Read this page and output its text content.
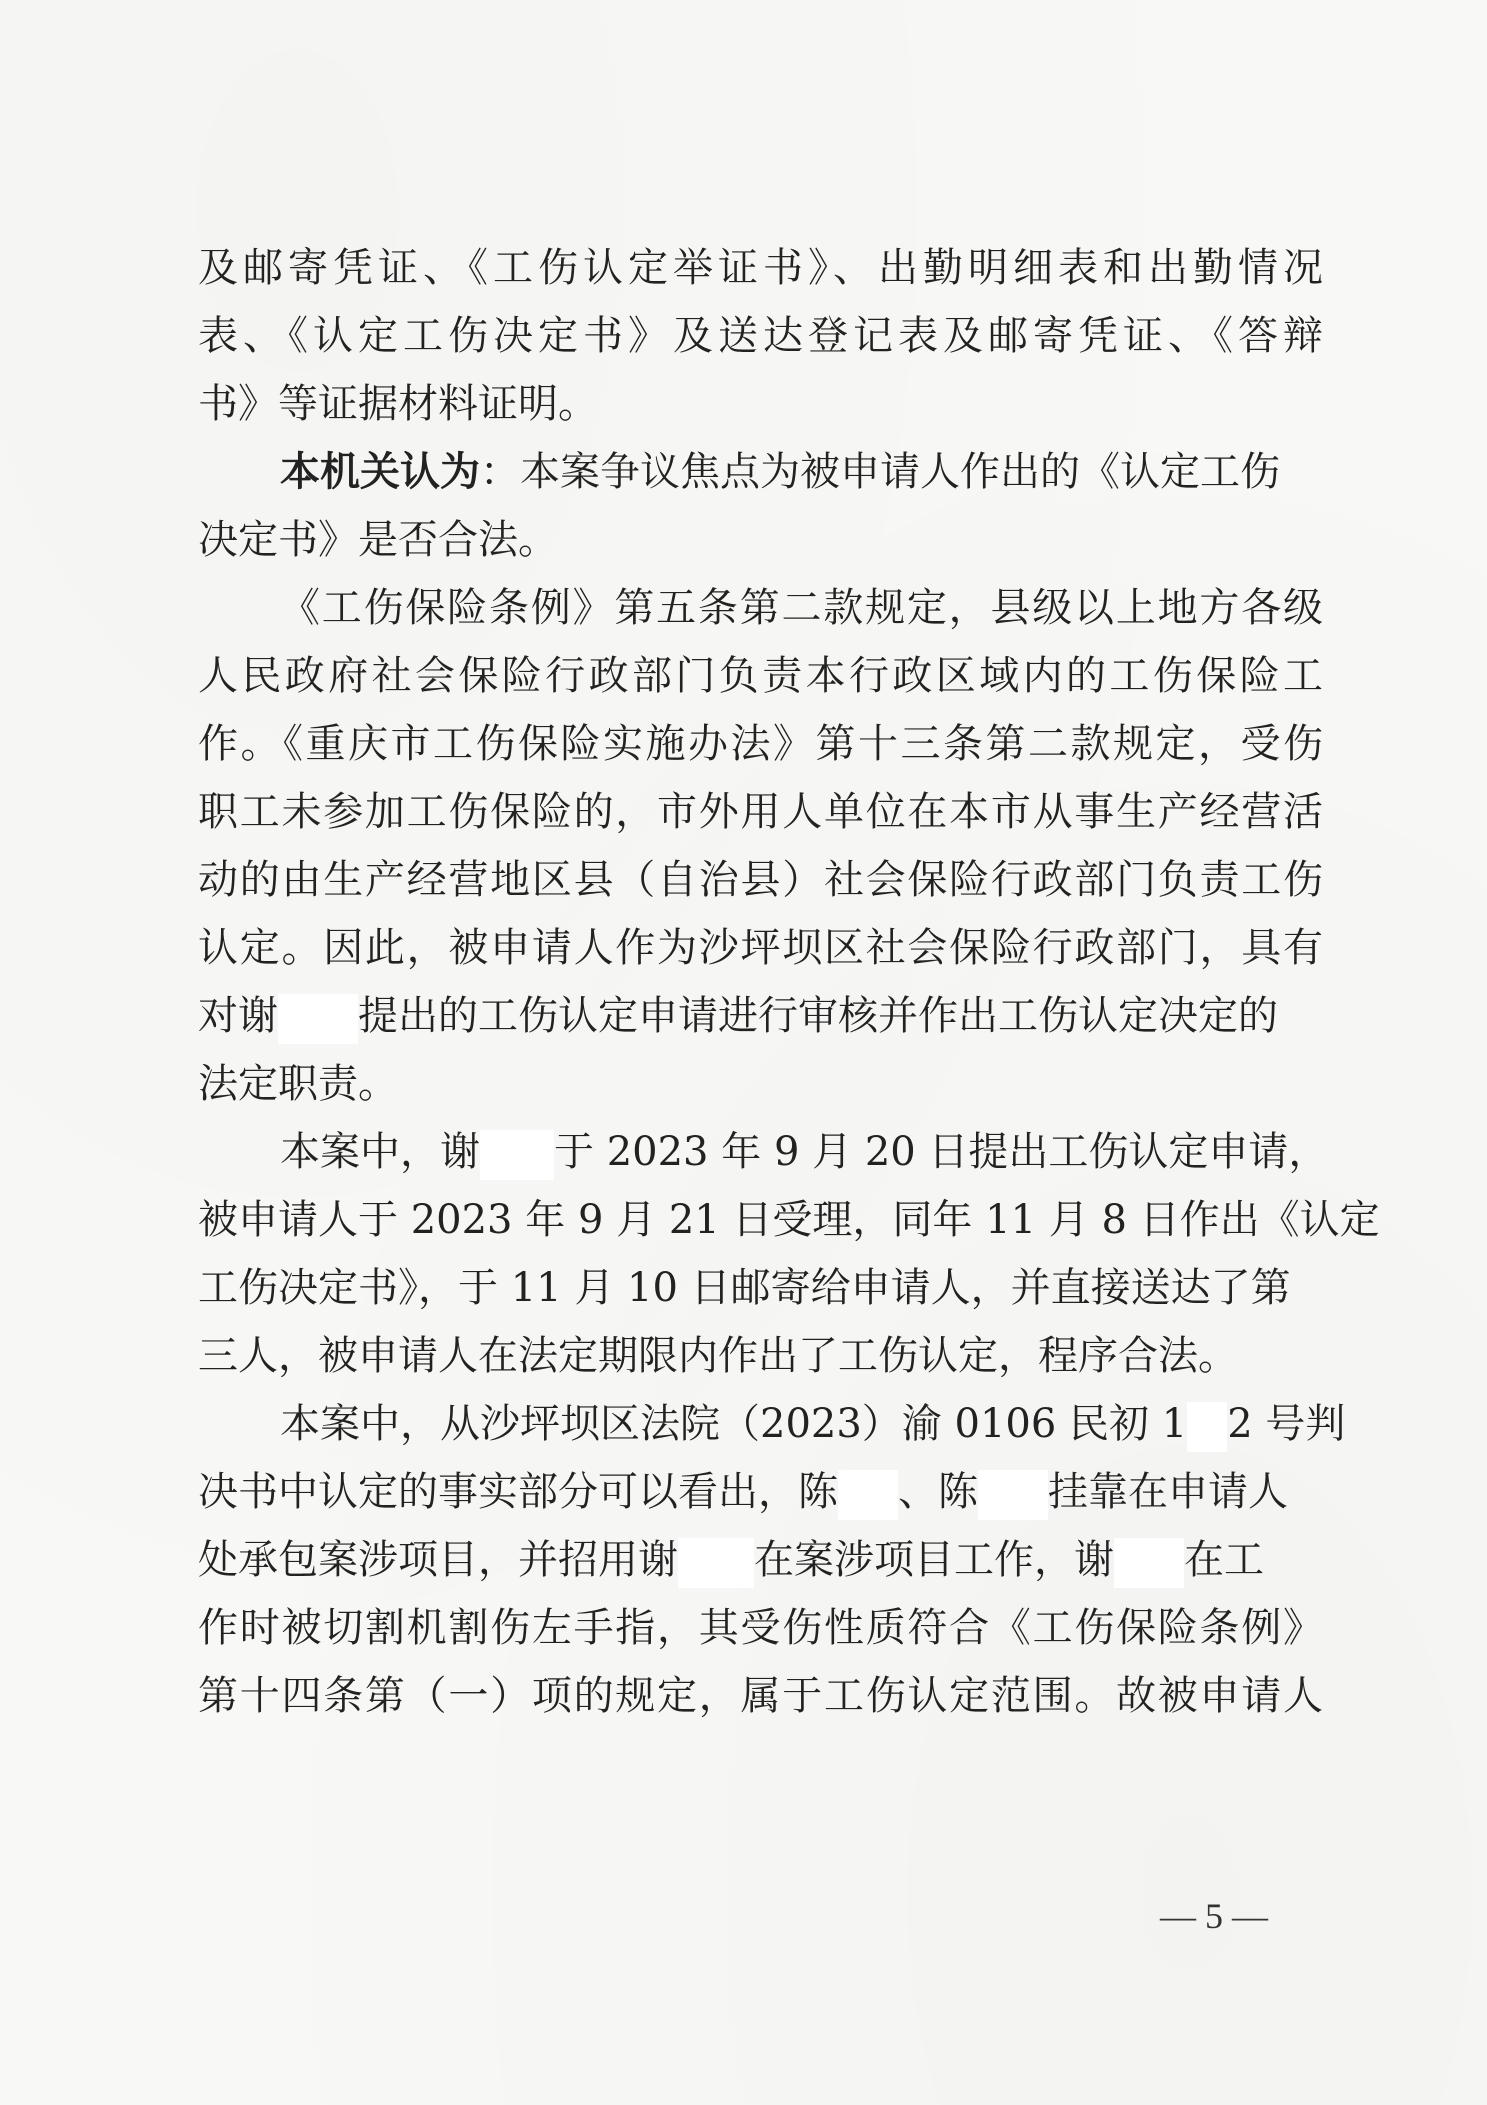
及邮寄凭证、《工伤认定举证书》、出勤明细表和出勤情况
表、《认定工伤决定书》及送达登记表及邮寄凭证、《答辩
书》等证据材料证明。
本机关认为：本案争议焦点为被申请人作出的《认定工伤
决定书》是否合法。
《工伤保险条例》第五条第二款规定，县级以上地方各级
人民政府社会保险行政部门负责本行政区域内的工伤保险工
作。《重庆市工伤保险实施办法》第十三条第二款规定，受伤
职工未参加工伤保险的，市外用人单位在本市从事生产经营活
动的由生产经营地区县（自治县）社会保险行政部门负责工伤
认定。因此，被申请人作为沙坪坝区社会保险行政部门，具有
对谢 提出的工伤认定申请进行审核并作出工伤认定决定的
法定职责。
本案中，谢 于 2023 年 9 月 20 日提出工伤认定申请，
被申请人于 2023 年 9 月 21 日受理，同年 11 月 8 日作出《认定
工伤决定书》，于 11 月 10 日邮寄给申请人，并直接送达了第
三人，被申请人在法定期限内作出了工伤认定，程序合法。
本案中，从沙坪坝区法院（2023）渝 0106 民初 1 2 号判
决书中认定的事实部分可以看出，陈 、陈 挂靠在申请人
处承包案涉项目，并招用谢 在案涉项目工作，谢 在工
作时被切割机割伤左手指，其受伤性质符合《工伤保险条例》
第十四条第（一）项的规定，属于工伤认定范围。故被申请人
— 5 —
